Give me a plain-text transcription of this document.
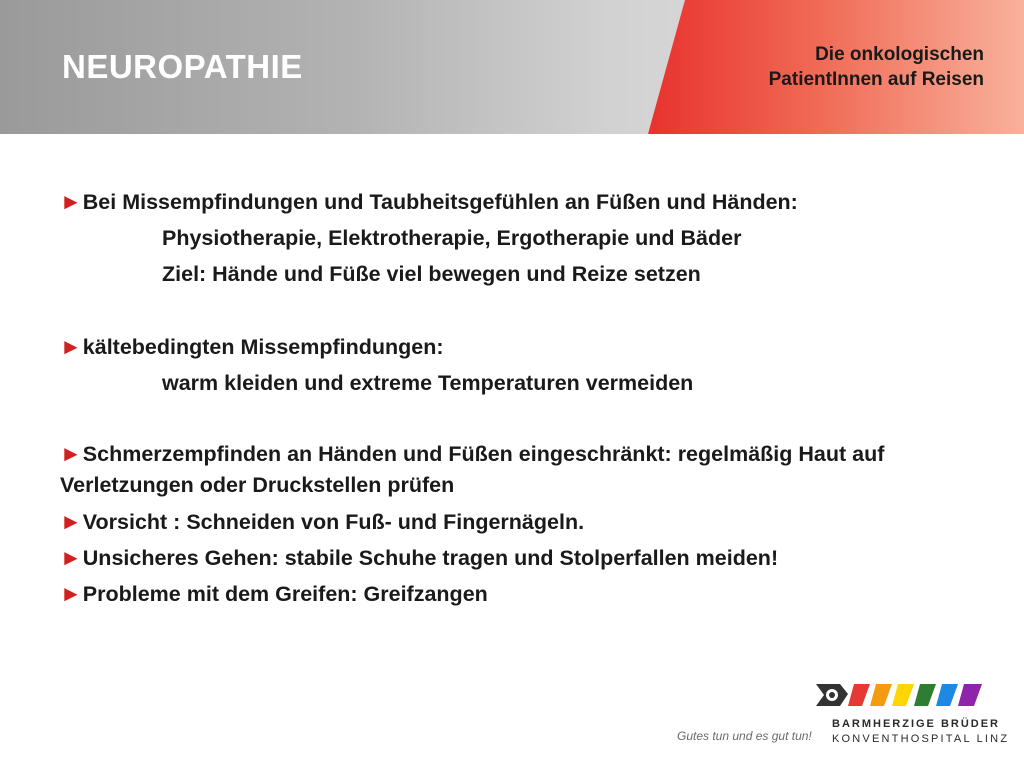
NEUROPATHIE	Die onkologischen
PatientInnen auf Reisen
►Bei Missempfindungen und Taubheitsgefühlen an Füßen und Händen:
Physiotherapie, Elektrotherapie, Ergotherapie und Bäder
Ziel: Hände und Füße viel bewegen und Reize setzen
►kältebedingten Missempfindungen:
warm kleiden und extreme Temperaturen vermeiden
►Schmerzempfinden an Händen und Füßen eingeschränkt: regelmäßig Haut auf Verletzungen oder Druckstellen prüfen
►Vorsicht : Schneiden von Fuß- und Fingernägeln.
►Unsicheres Gehen: stabile Schuhe tragen und Stolperfallen meiden!
►Probleme mit dem Greifen: Greifzangen
Gutes tun und es gut tun!
BARMHERZIGE BRÜDER
KONVENTHOSPITAL LINZ
